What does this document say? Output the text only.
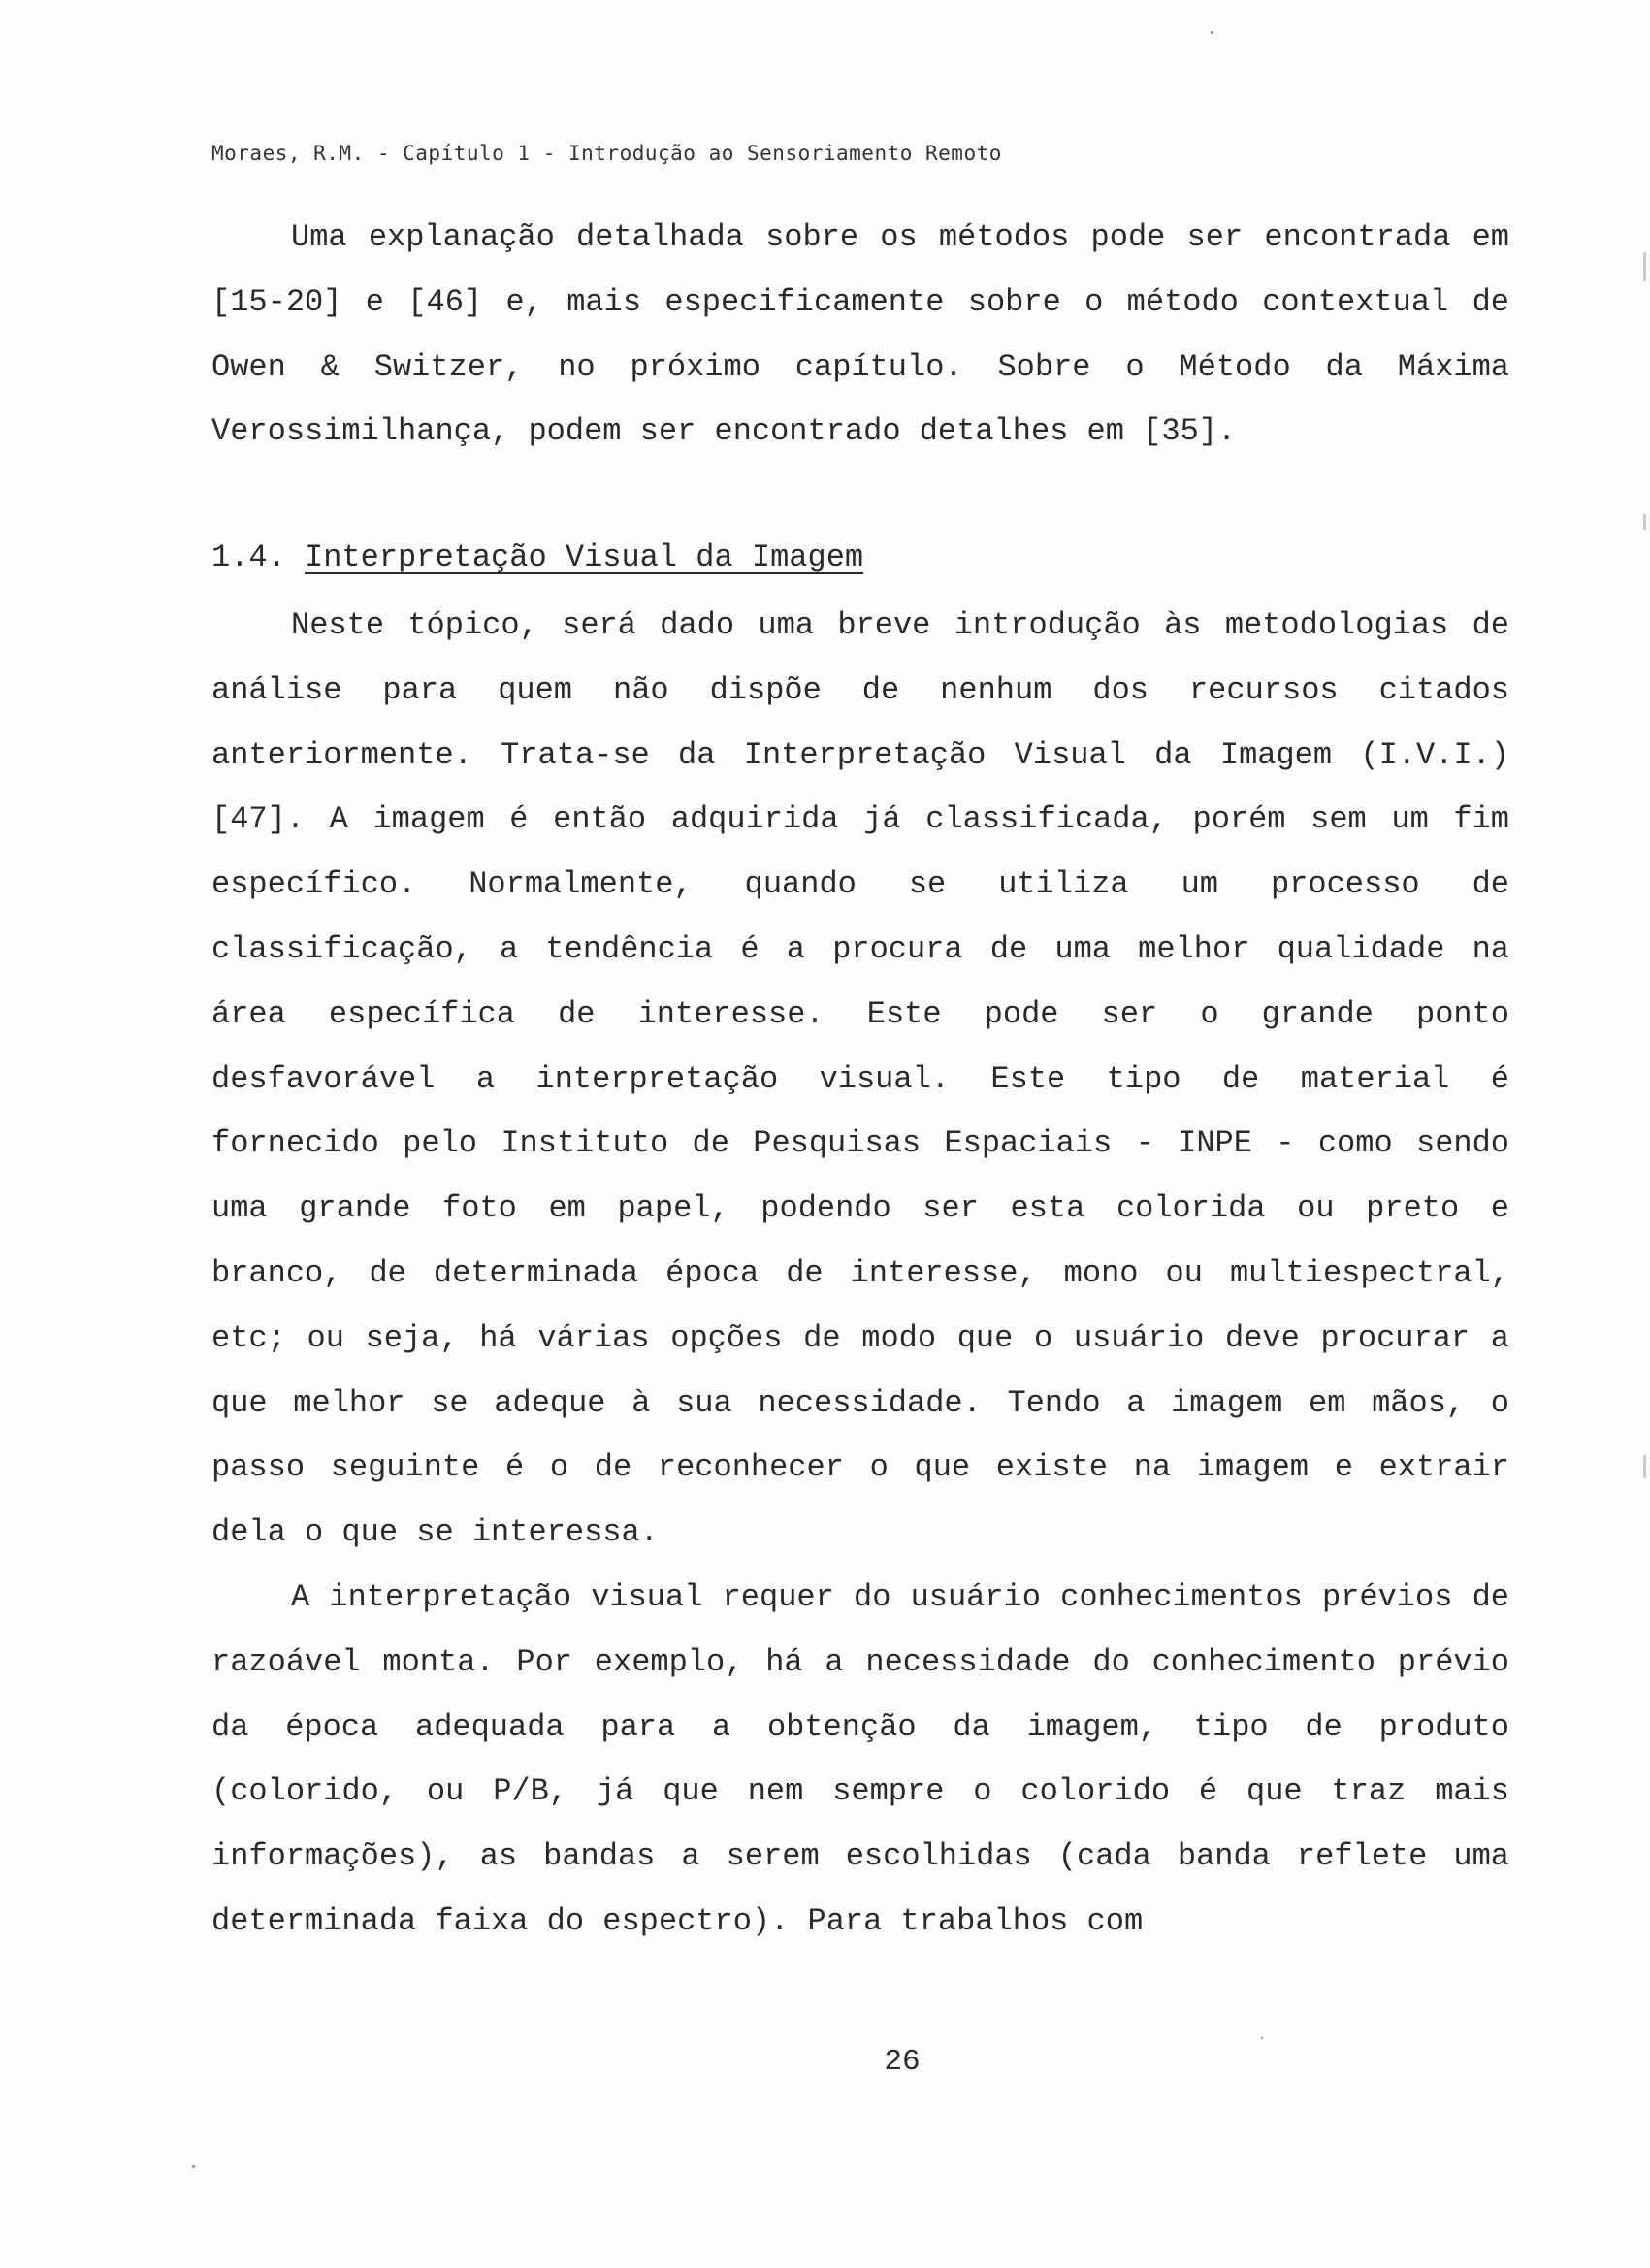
Moraes, R.M. - Capítulo 1 - Introdução ao Sensoriamento Remoto

Uma explanação detalhada sobre os métodos pode ser encontrada em [15-20] e [46] e, mais especificamente sobre o método contextual de Owen & Switzer, no próximo capítulo. Sobre o Método da Máxima Verossimilhança, podem ser encontrado detalhes em [35].

1.4. Interpretação Visual da Imagem

Neste tópico, será dado uma breve introdução às metodologias de análise para quem não dispõe de nenhum dos recursos citados anteriormente. Trata-se da Interpretação Visual da Imagem (I.V.I.) [47]. A imagem é então adquirida já classificada, porém sem um fim específico. Normalmente, quando se utiliza um processo de classificação, a tendência é a procura de uma melhor qualidade na área específica de interesse. Este pode ser o grande ponto desfavorável a interpretação visual. Este tipo de material é fornecido pelo Instituto de Pesquisas Espaciais - INPE - como sendo uma grande foto em papel, podendo ser esta colorida ou preto e branco, de determinada época de interesse, mono ou multiespectral, etc; ou seja, há várias opções de modo que o usuário deve procurar a que melhor se adeque à sua necessidade. Tendo a imagem em mãos, o passo seguinte é o de reconhecer o que existe na imagem e extrair dela o que se interessa.

A interpretação visual requer do usuário conhecimentos prévios de razoável monta. Por exemplo, há a necessidade do conhecimento prévio da época adequada para a obtenção da imagem, tipo de produto (colorido, ou P/B, já que nem sempre o colorido é que traz mais informações), as bandas a serem escolhidas (cada banda reflete uma determinada faixa do espectro). Para trabalhos com

26
